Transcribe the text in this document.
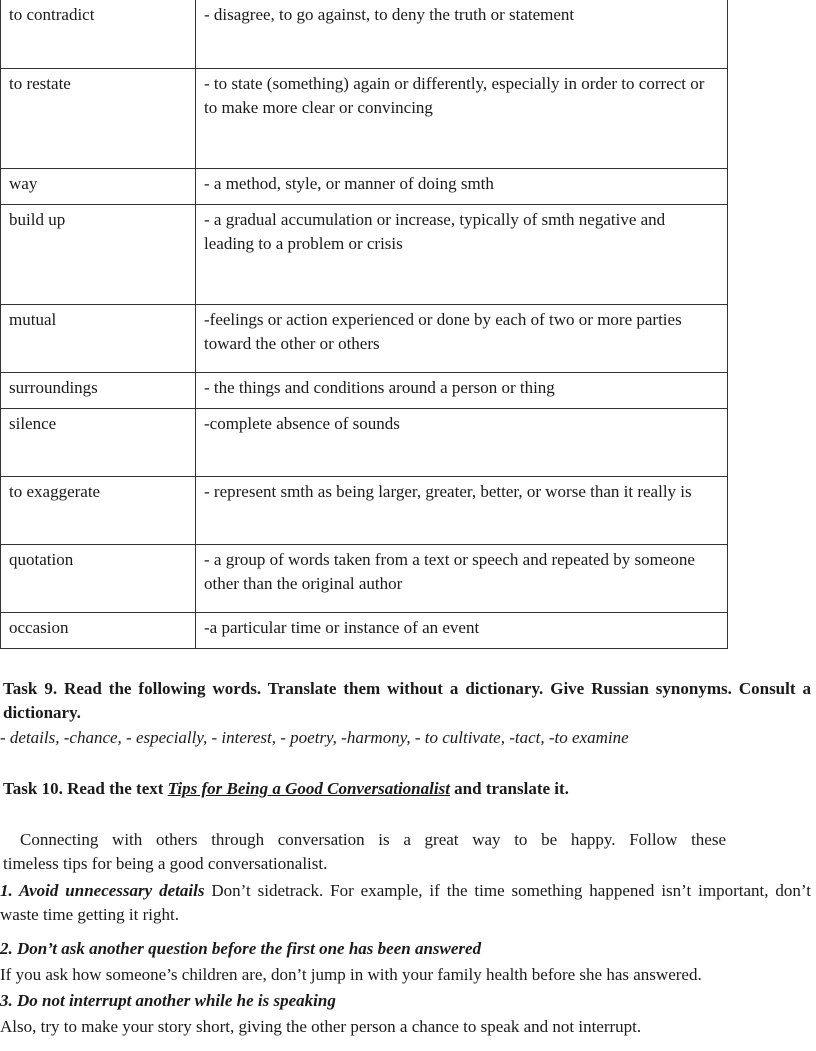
to contradict	- disagree, to go against, to deny the truth or statement
to restate	- to state (something) again or differently, especially in order to correct or to make more clear or convincing
way	- a method, style, or manner of doing smth
build up	- a gradual accumulation or increase, typically of smth negative and leading to a problem or crisis
mutual	-feelings or action experienced or done by each of two or more parties toward the other or others
surroundings	- the things and conditions around a person or thing
silence	-complete absence of sounds
to exaggerate	- represent smth as being larger, greater, better, or worse than it really is
quotation	- a group of words taken from a text or speech and repeated by someone other than the original author
occasion	-a particular time or instance of an event
Task 9. Read the following words. Translate them without a dictionary. Give Russian synonyms. Consult a dictionary.
- details, -chance, - especially, - interest, - poetry, -harmony, - to cultivate, -tact, -to examine
Task 10. Read the text Tips for Being a Good Conversationalist and translate it.
Connecting with others through conversation is a great way to be happy. Follow these
timeless tips for being a good conversationalist.
1. Avoid unnecessary details Don’t sidetrack. For example, if the time something happened isn’t important, don’t waste time getting it right.
2. Don’t ask another question before the first one has been answered
If you ask how someone’s children are, don’t jump in with your family health before she has answered.
3. Do not interrupt another while he is speaking
Also, try to make your story short, giving the other person a chance to speak and not interrupt.
